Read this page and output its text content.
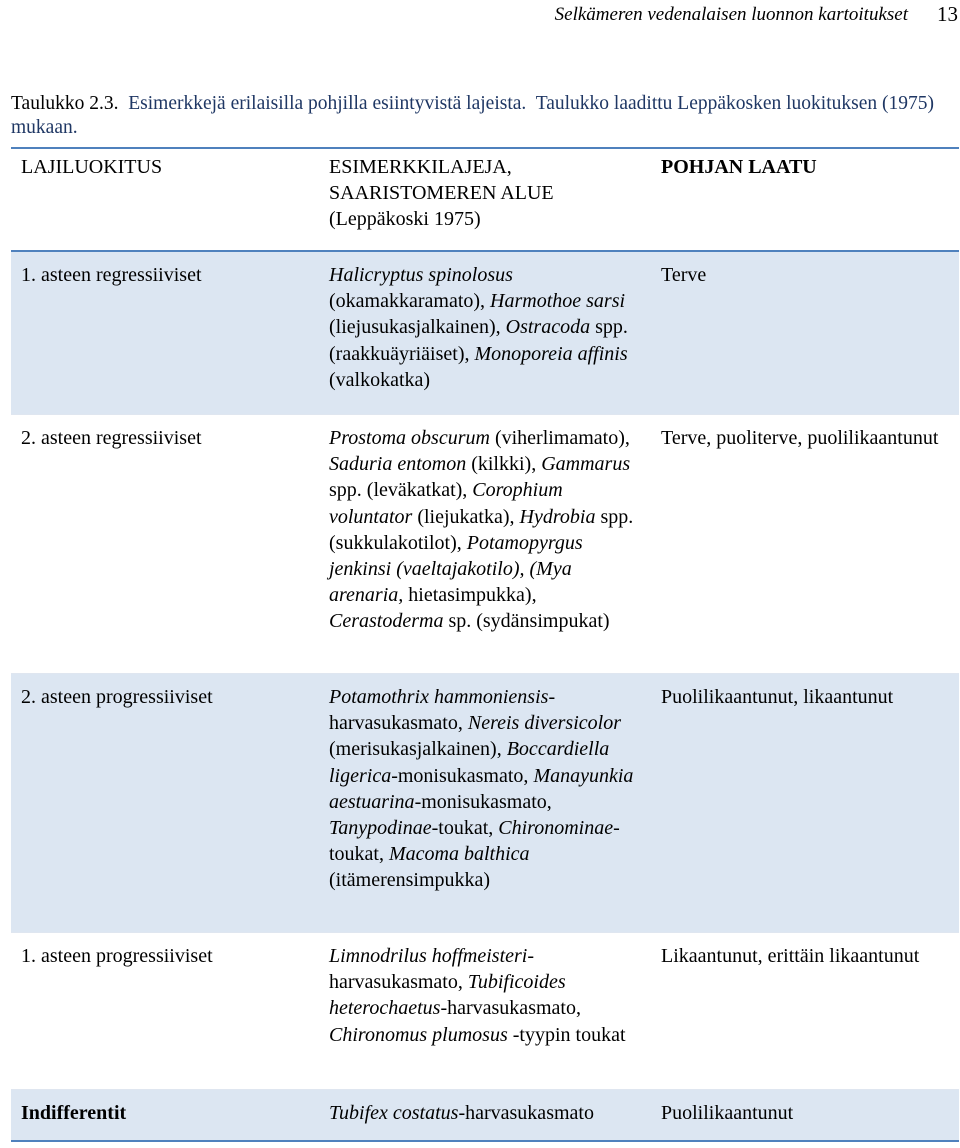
Selkämeren vedenalaisen luonnon kartoitukset 13
Taulukko 2.3. Esimerkkejä erilaisilla pohjilla esiintyvistä lajeista. Taulukko laadittu Leppäkosken luokituksen (1975) mukaan.
LAJILUOKITUS	ESIMERKKILAJEJA, SAARISTOMEREN ALUE (Leppäkoski 1975)	POHJAN LAATU
1. asteen regressiiviset	Halicryptus spinolosus (okamakkaramato), Harmothoe sarsi (liejusukasjalkainen), Ostracoda spp. (raakkuäyriäiset), Monoporeia affinis (valkokatka)	Terve
2. asteen regressiiviset	Prostoma obscurum (viherlimamato), Saduria entomon (kilkki), Gammarus spp. (leväkatkat), Corophium voluntator (liejukatka), Hydrobia spp. (sukkulakotilot), Potamopyrgus jenkinsi (vaeltajakotilo), (Mya arenaria, hietasimpukka), Cerastoderma sp. (sydänsimpukat)	Terve, puoliterve, puolilikaantunut
2. asteen progressiiviset	Potamothrix hammoniensis-harvasukasmato, Nereis diversicolor (merisukasjalkainen), Boccardiella ligerica-monisukasmato, Manayunkia aestuarina-monisukasmato, Tanypodinae-toukat, Chironominae- toukat, Macoma balthica (itämerensimpukka)	Puolilikaantunut, likaantunut
1. asteen progressiiviset	Limnodrilus hoffmeisteri-harvasukasmato, Tubificoides heterochaetus-harvasukasmato, Chironomus plumosus -tyypin toukat	Likaantunut, erittäin likaantunut
Indifferentit	Tubifex costatus-harvasukasmato	Puolilikaantunut
